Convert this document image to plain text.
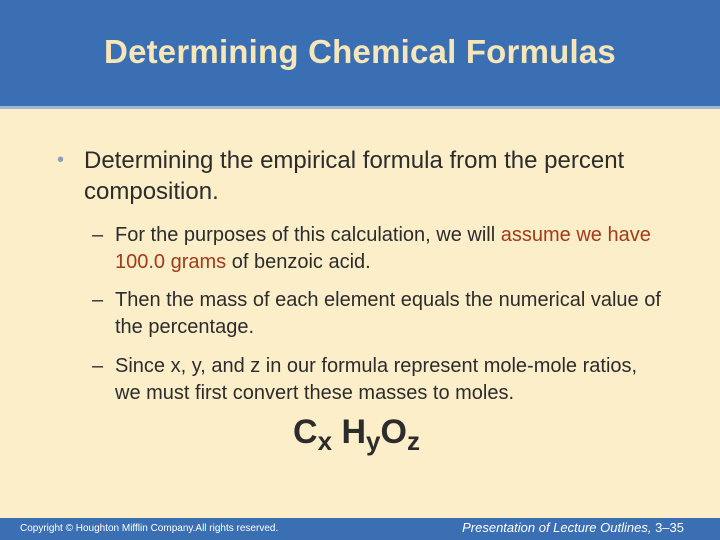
Determining Chemical Formulas
• Determining the empirical formula from the percent composition.
– For the purposes of this calculation, we will assume we have 100.0 grams of benzoic acid.
– Then the mass of each element equals the numerical value of the percentage.
– Since x, y, and z in our formula represent mole-mole ratios, we must first convert these masses to moles.
$C_x$ $H_yO_z$
Copyright © Houghton Mifflin Company.All rights reserved.	Presentation of Lecture Outlines, 3–35
